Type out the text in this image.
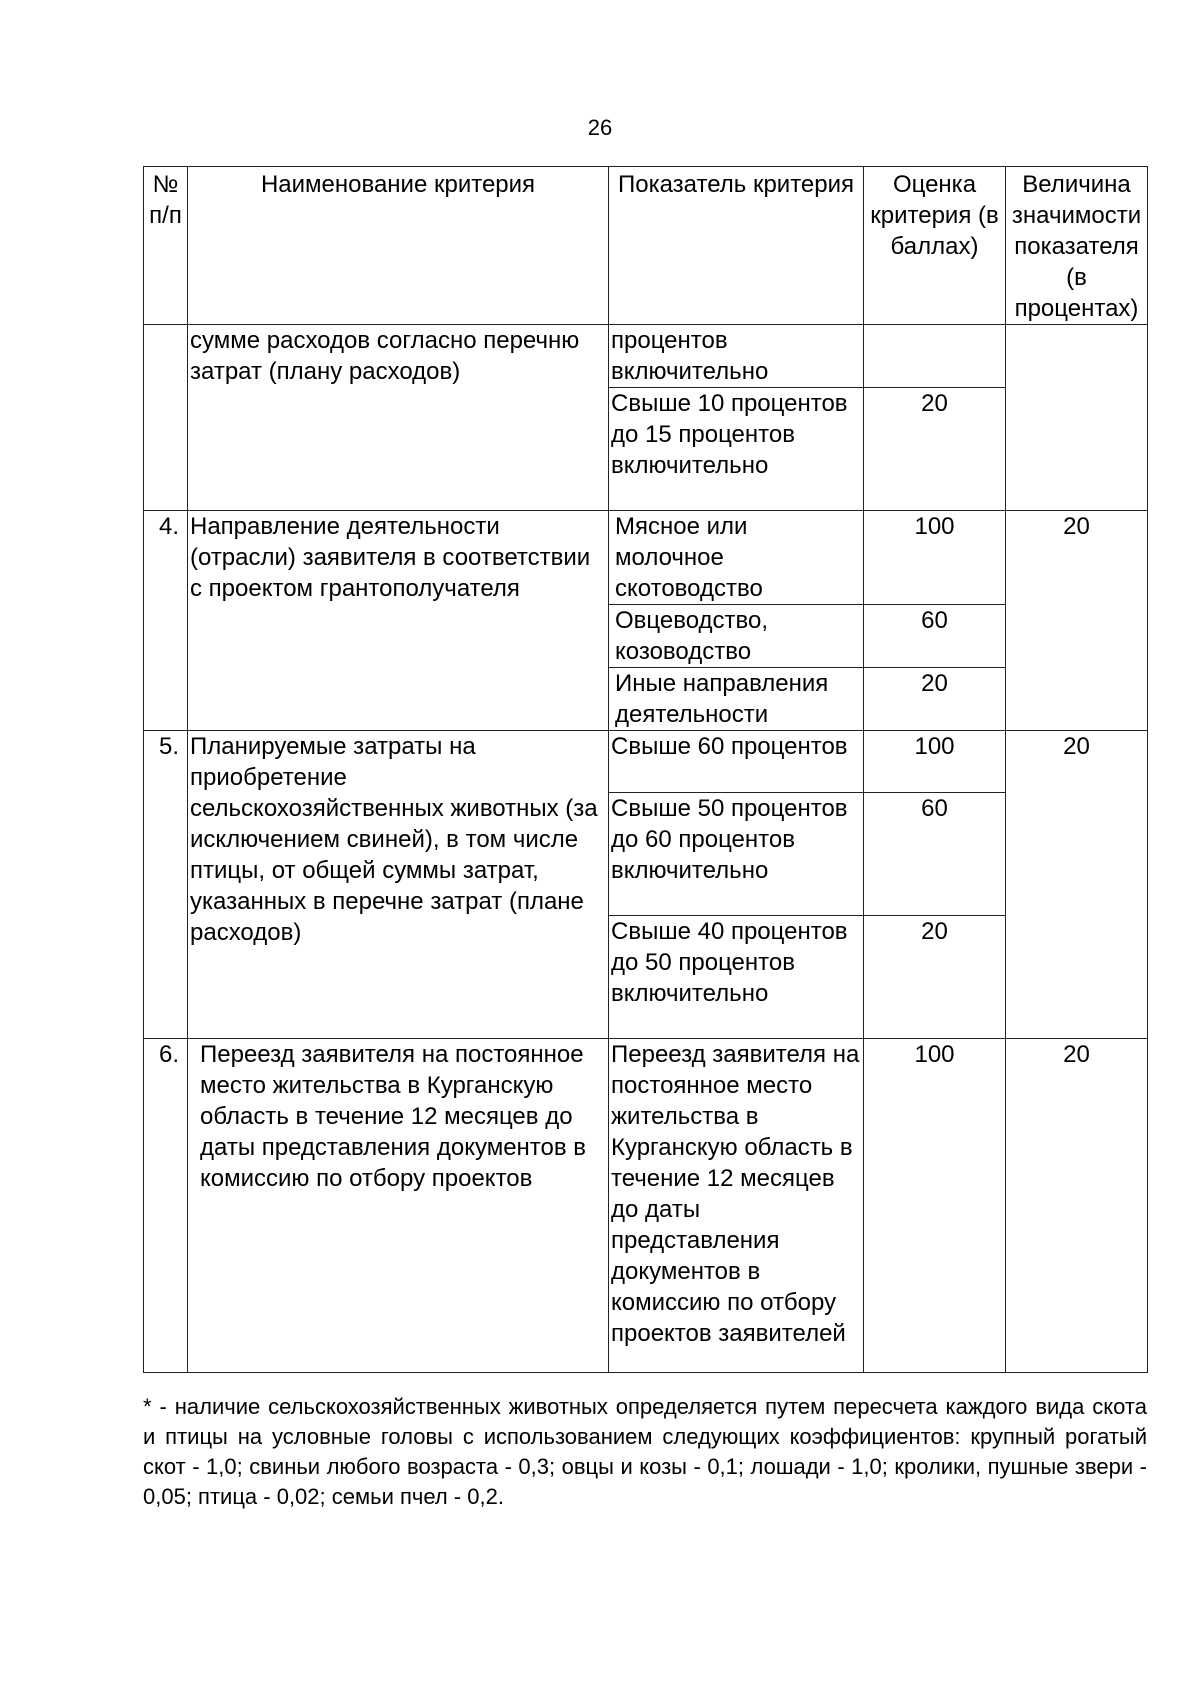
26
№ п/п	Наименование критерия	Показатель критерия	Оценка критерия (в баллах)	Величина значимости показателя (в процентах)
	сумме расходов согласно перечню затрат (плану расходов)	процентов включительно		
		Свыше 10 процентов до 15 процентов включительно	20	
4.	Направление деятельности (отрасли) заявителя в соответствии с проектом грантополучателя	Мясное или молочное скотоводство	100	20
		Овцеводство, козоводство	60	
		Иные направления деятельности	20	
5.	Планируемые затраты на приобретение сельскохозяйственных животных (за исключением свиней), в том числе птицы, от общей суммы затрат, указанных в перечне затрат (плане расходов)	Свыше 60 процентов	100	20
		Свыше 50 процентов до 60 процентов включительно	60	
		Свыше 40 процентов до 50 процентов включительно	20	
6.	Переезд заявителя на постоянное место жительства в Курганскую область в течение 12 месяцев до даты представления документов в комиссию по отбору проектов	Переезд заявителя на постоянное место жительства в Курганскую область в течение 12 месяцев до даты представления документов в комиссию по отбору проектов заявителей	100	20
* - наличие сельскохозяйственных животных определяется путем пересчета каждого вида скота и птицы на условные головы с использованием следующих коэффициентов: крупный рогатый скот - 1,0; свиньи любого возраста - 0,3; овцы и козы - 0,1; лошади - 1,0; кролики, пушные звери - 0,05; птица - 0,02; семьи пчел - 0,2.
